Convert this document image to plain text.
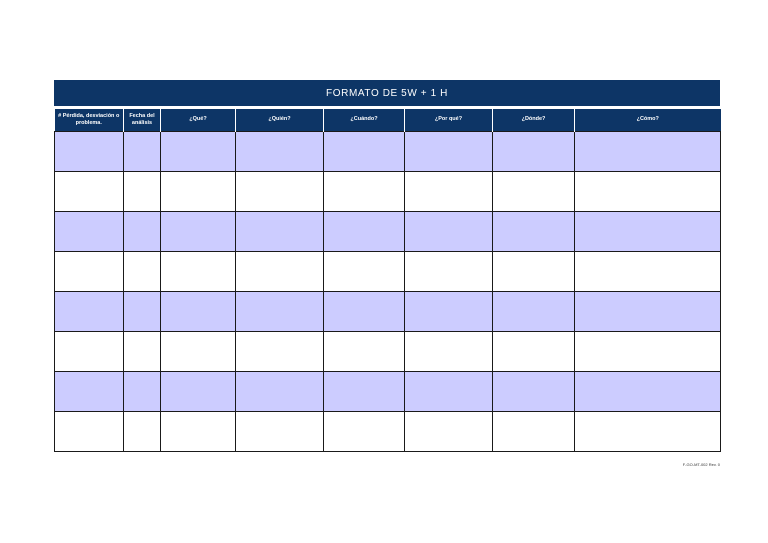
FORMATO DE 5W + 1 H
# Pérdida, desviación o problema.	Fecha del análisis	¿Qué?	¿Quién?	¿Cuándo?	¿Por qué?	¿Dónde?	¿Cómo?

F-GO-MT-002 Rev. 0
